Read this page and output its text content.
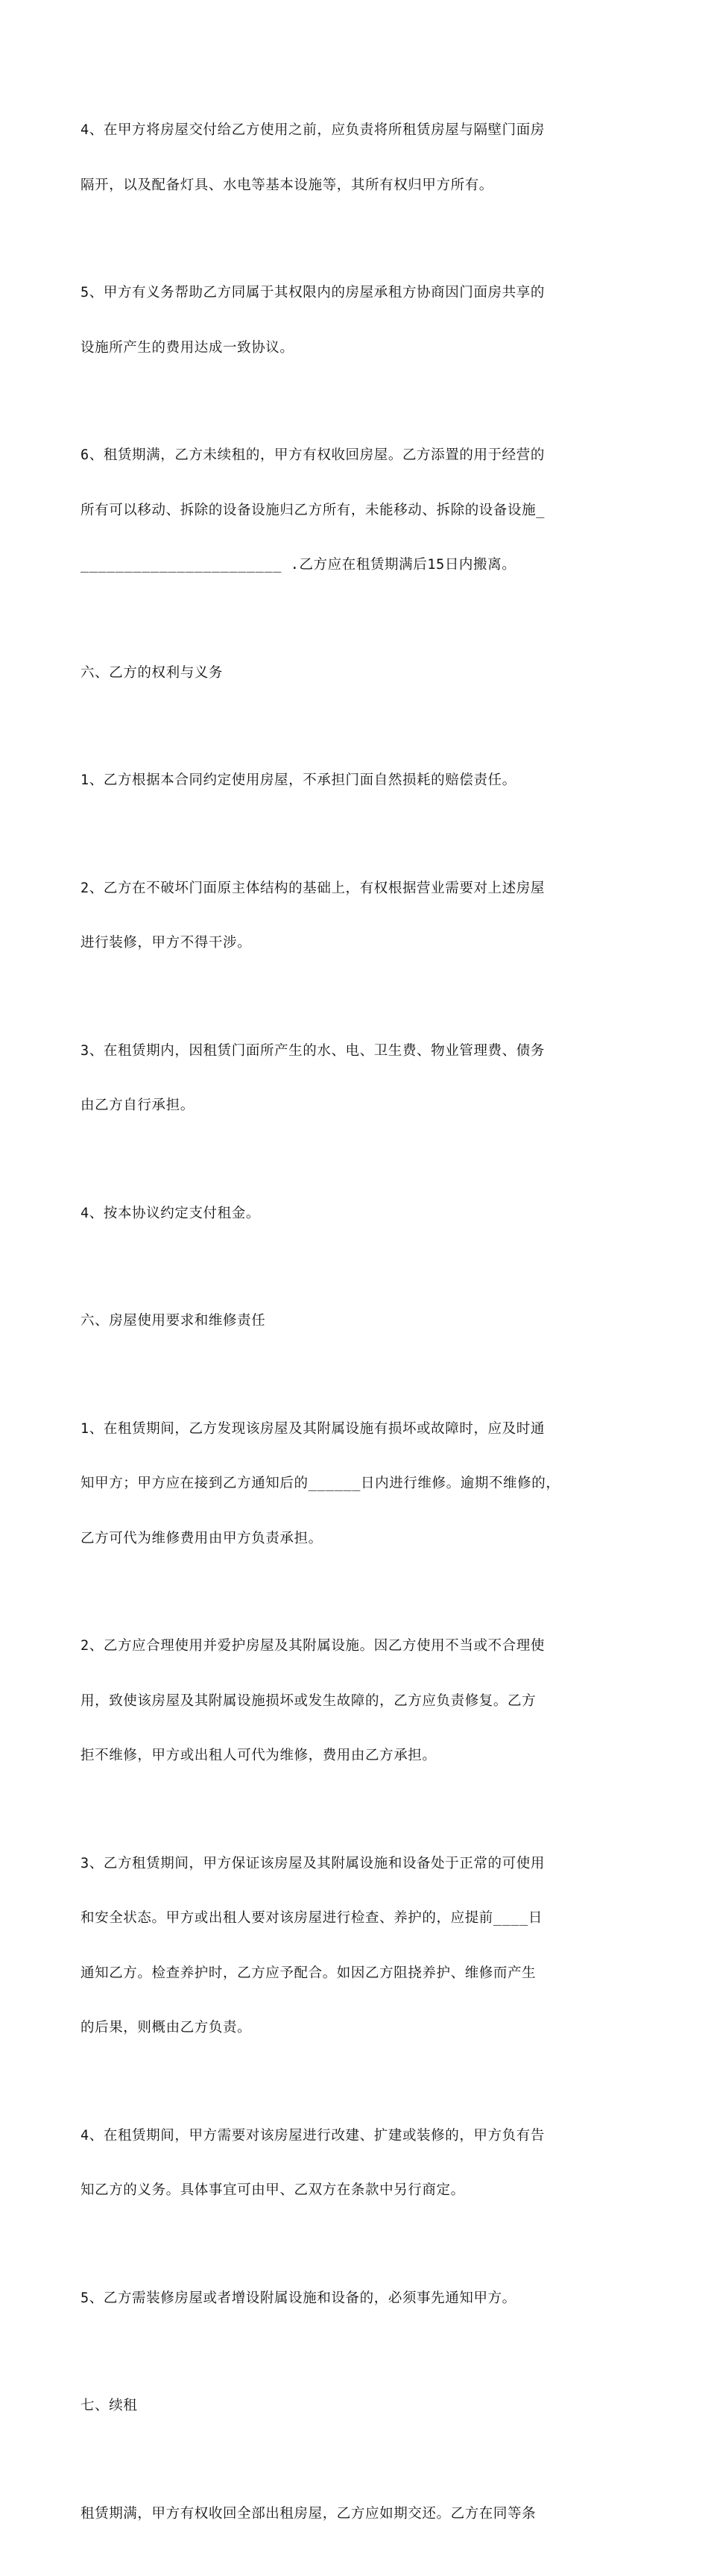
4、在甲方将房屋交付给乙方使用之前，应负责将所租赁房屋与隔壁门面房

隔开，以及配备灯具、水电等基本设施等，其所有权归甲方所有。

5、甲方有义务帮助乙方同属于其权限内的房屋承租方协商因门面房共享的

设施所产生的费用达成一致协议。

6、租赁期满，乙方未续租的，甲方有权收回房屋。乙方添置的用于经营的

所有可以移动、拆除的设备设施归乙方所有，未能移动、拆除的设备设施_

_______________________ .乙方应在租赁期满后15日内搬离。

六、乙方的权利与义务

1、乙方根据本合同约定使用房屋，不承担门面自然损耗的赔偿责任。

2、乙方在不破坏门面原主体结构的基础上，有权根据营业需要对上述房屋

进行装修，甲方不得干涉。

3、在租赁期内，因租赁门面所产生的水、电、卫生费、物业管理费、债务

由乙方自行承担。

4、按本协议约定支付租金。

六、房屋使用要求和维修责任

1、在租赁期间，乙方发现该房屋及其附属设施有损坏或故障时，应及时通

知甲方；甲方应在接到乙方通知后的______日内进行维修。逾期不维修的，

乙方可代为维修费用由甲方负责承担。

2、乙方应合理使用并爱护房屋及其附属设施。因乙方使用不当或不合理使

用，致使该房屋及其附属设施损坏或发生故障的，乙方应负责修复。乙方

拒不维修，甲方或出租人可代为维修，费用由乙方承担。

3、乙方租赁期间，甲方保证该房屋及其附属设施和设备处于正常的可使用

和安全状态。甲方或出租人要对该房屋进行检查、养护的，应提前____日

通知乙方。检查养护时，乙方应予配合。如因乙方阻挠养护、维修而产生

的后果，则概由乙方负责。

4、在租赁期间，甲方需要对该房屋进行改建、扩建或装修的，甲方负有告

知乙方的义务。具体事宜可由甲、乙双方在条款中另行商定。

5、乙方需装修房屋或者增设附属设施和设备的，必须事先通知甲方。

七、续租

租赁期满，甲方有权收回全部出租房屋，乙方应如期交还。乙方在同等条
